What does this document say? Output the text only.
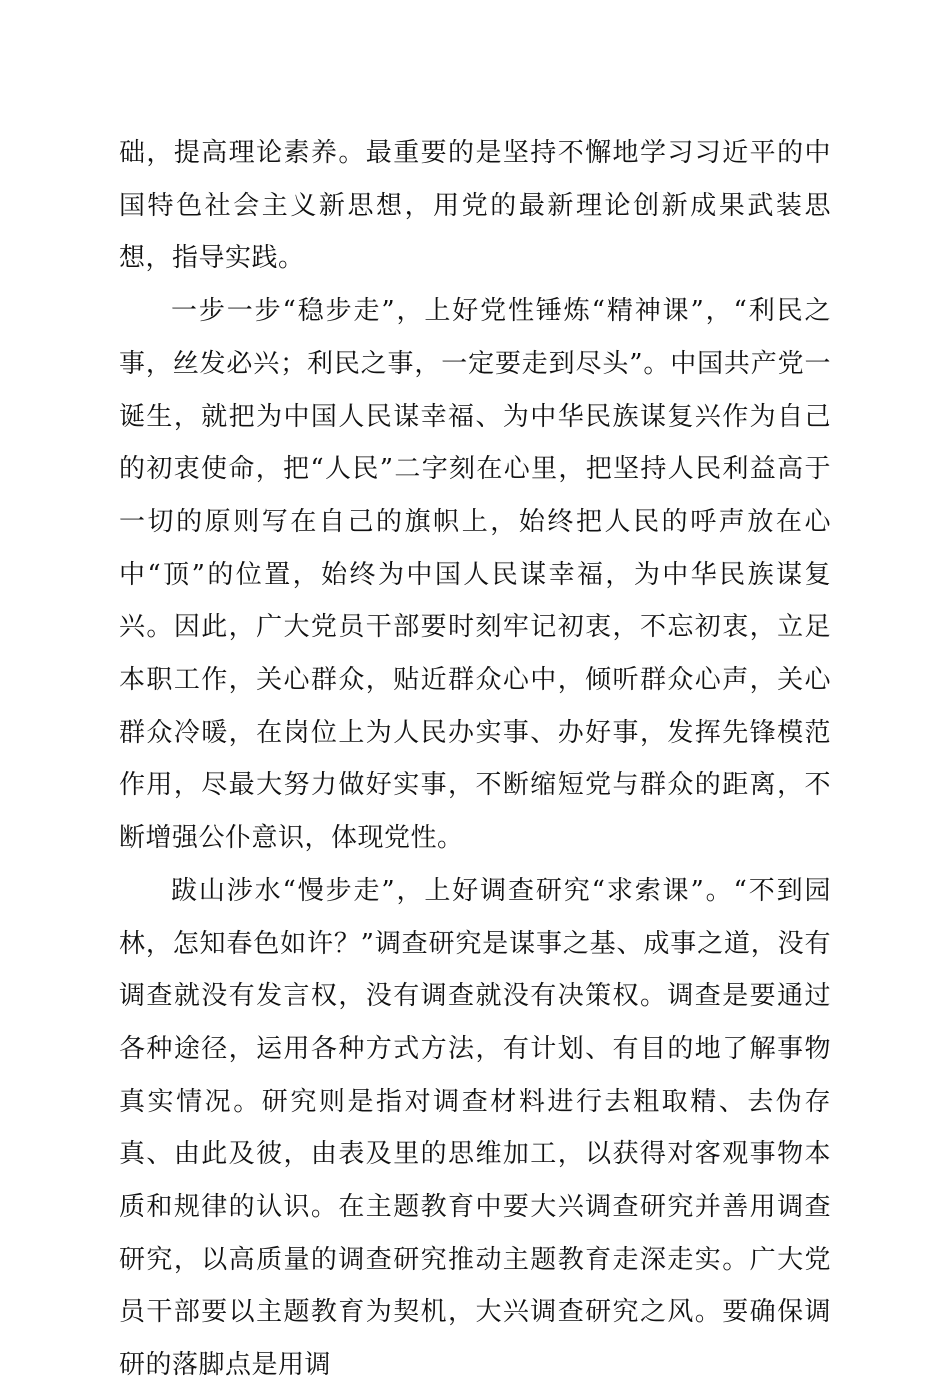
础，提高理论素养。最重要的是坚持不懈地学习习近平的中国特色社会主义新思想，用党的最新理论创新成果武装思想，指导实践。

一步一步“稳步走”，上好党性锤炼“精神课”，“利民之事，丝发必兴；利民之事，一定要走到尽头”。中国共产党一诞生，就把为中国人民谋幸福、为中华民族谋复兴作为自己的初衷使命，把“人民”二字刻在心里，把坚持人民利益高于一切的原则写在自己的旗帜上，始终把人民的呼声放在心中“顶”的位置，始终为中国人民谋幸福，为中华民族谋复兴。因此，广大党员干部要时刻牢记初衷，不忘初衷，立足本职工作，关心群众，贴近群众心中，倾听群众心声，关心群众冷暖，在岗位上为人民办实事、办好事，发挥先锋模范作用，尽最大努力做好实事，不断缩短党与群众的距离，不断增强公仆意识，体现党性。

跋山涉水“慢步走”，上好调查研究“求索课”。“不到园林，怎知春色如许？”调查研究是谋事之基、成事之道，没有调查就没有发言权，没有调查就没有决策权。调查是要通过各种途径，运用各种方式方法，有计划、有目的地了解事物真实情况。研究则是指对调查材料进行去粗取精、去伪存真、由此及彼，由表及里的思维加工，以获得对客观事物本质和规律的认识。在主题教育中要大兴调查研究并善用调查研究，以高质量的调查研究推动主题教育走深走实。广大党员干部要以主题教育为契机，大兴调查研究之风。要确保调研的落脚点是用调
